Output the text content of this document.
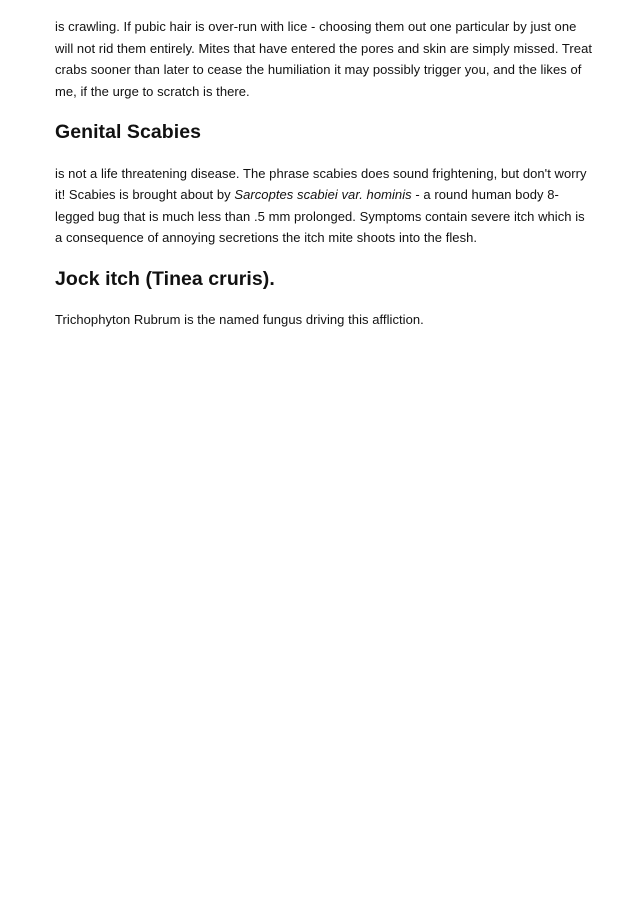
is crawling. If pubic hair is over-run with lice - choosing them out one particular by just one will not rid them entirely. Mites that have entered the pores and skin are simply missed. Treat crabs sooner than later to cease the humiliation it may possibly trigger you, and the likes of me, if the urge to scratch is there.

Genital Scabies

is not a life threatening disease. The phrase scabies does sound frightening, but don't worry it! Scabies is brought about by Sarcoptes scabiei var. hominis - a round human body 8-legged bug that is much less than .5 mm prolonged. Symptoms contain severe itch which is a consequence of annoying secretions the itch mite shoots into the flesh.

Jock itch (Tinea cruris).

Trichophyton Rubrum is the named fungus driving this affliction.
